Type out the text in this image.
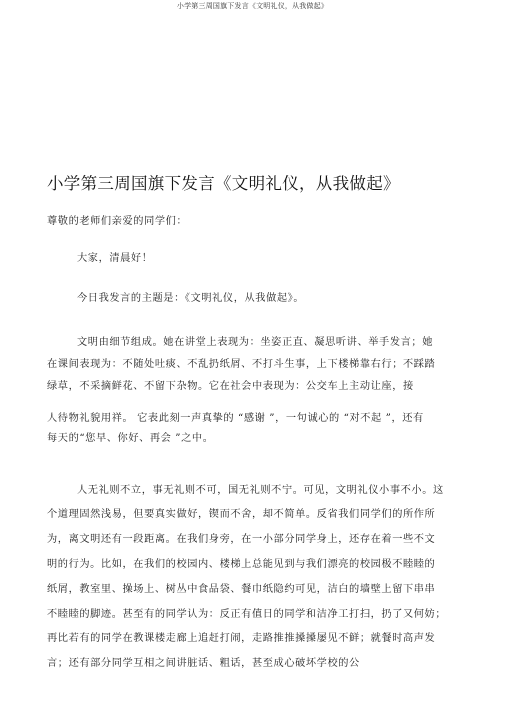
小学第三周国旗下发言《文明礼仪，从我做起》
小学第三周国旗下发言《文明礼仪，从我做起》
尊敬的老师们亲爱的同学们：
大家，清晨好！
今日我发言的主题是：《文明礼仪，从我做起》。
文明由细节组成。她在讲堂上表现为：坐姿正直、凝思听讲、举手发言；她
在课间表现为：不随处吐痰、不乱扔纸屑、不打斗生事，上下楼梯靠右行；不踩踏
绿草，不采摘鲜花、不留下杂物。它在社会中表现为：公交车上主动让座，接
人待物礼貌用祥。 它表此刻一声真挚的 “感谢 ”，一句诚心的 “对不起 ”，还有
每天的“您早、你好、再会 ”之中。
人无礼则不立，事无礼则不可，国无礼则不宁。可见，文明礼仪小事不小。这
个道理固然浅易，但要真实做好，锲而不舍，却不简单。反省我们同学们的所作所
为，离文明还有一段距离。在我们身旁，在一小部分同学身上，还存在着一些不文
明的行为。比如，在我们的校园内、楼梯上总能见到与我们漂亮的校园极不睦睦的
纸屑，教室里、操场上、树丛中食品袋、餐巾纸隐约可见，洁白的墙壁上留下串串
不睦睦的脚迹。甚至有的同学认为：反正有值日的同学和洁净工打扫，扔了又何妨；
再比若有的同学在教课楼走廊上追赶打闹，走路推推搡搡屡见不鲜；就餐时高声发
言；还有部分同学互相之间讲脏话、粗话，甚至成心破坏学校的公
